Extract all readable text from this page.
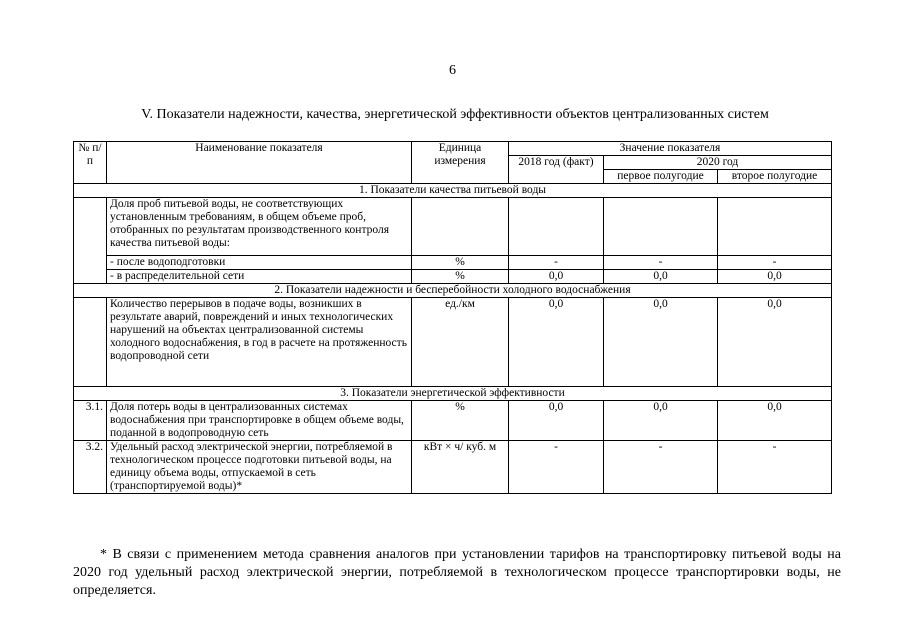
6
V. Показатели надежности, качества, энергетической эффективности объектов централизованных систем
№ п/п	Наименование показателя	Единица измерения	Значение показателя		
			2018 год (факт)	2020 год	
				первое полугодие	второе полугодие
1. Показатели качества питьевой воды					
	Доля проб питьевой воды, не соответствующих установленным требованиям, в общем объеме проб, отобранных по результатам производственного контроля качества питьевой воды:				
	- после водоподготовки	%	-	-	-
	- в распределительной сети	%	0,0	0,0	0,0
2. Показатели надежности и бесперебойности холодного водоснабжения					
	Количество перерывов в подаче воды, возникших в результате аварий, повреждений и иных технологических нарушений на объектах централизованной системы холодного водоснабжения, в год в расчете на протяженность водопроводной сети	ед./км	0,0	0,0	0,0
3. Показатели энергетической эффективности					
3.1.	Доля потерь воды в централизованных системах водоснабжения при транспортировке в общем объеме воды, поданной в водопроводную сеть	%	0,0	0,0	0,0
3.2.	Удельный расход электрической энергии, потребляемой в технологическом процессе подготовки питьевой воды, на единицу объема воды, отпускаемой в сеть (транспортируемой воды)*	кВт × ч/ куб. м	-	-	-
* В связи с применением метода сравнения аналогов при установлении тарифов на транспортировку питьевой воды на 2020 год удельный расход электрической энергии, потребляемой в технологическом процессе транспортировки воды, не определяется.
